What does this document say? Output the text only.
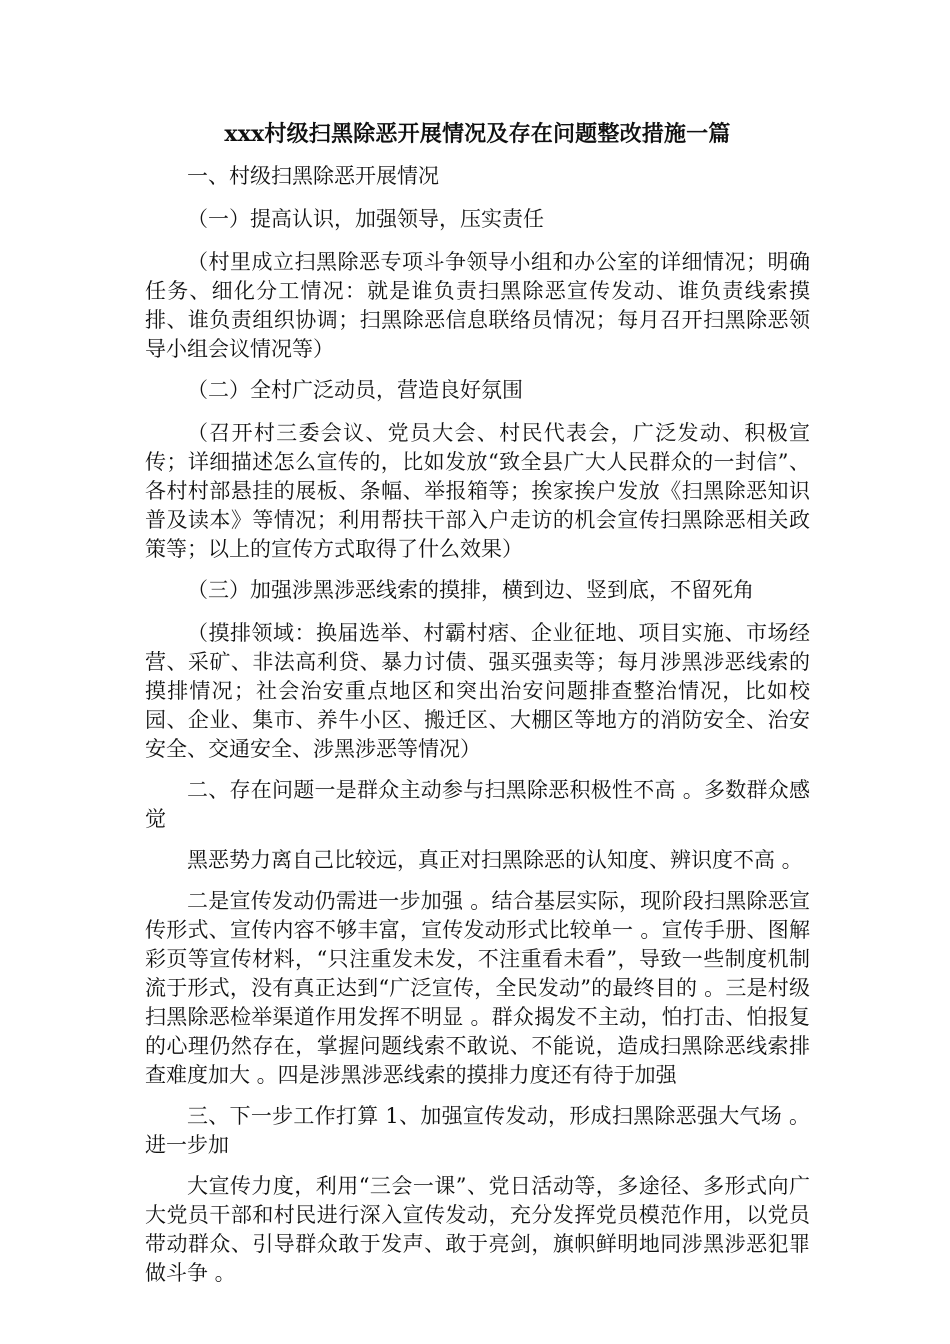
xxx村级扫黑除恶开展情况及存在问题整改措施一篇
一、村级扫黑除恶开展情况
（一）提高认识，加强领导，压实责任
（村里成立扫黑除恶专项斗争领导小组和办公室的详细情况；明确任务、细化分工情况：就是谁负责扫黑除恶宣传发动、谁负责线索摸排、谁负责组织协调；扫黑除恶信息联络员情况；每月召开扫黑除恶领导小组会议情况等）
（二）全村广泛动员，营造良好氛围
（召开村三委会议、党员大会、村民代表会，广泛发动、积极宣传；详细描述怎么宣传的，比如发放“致全县广大人民群众的一封信”、各村村部悬挂的展板、条幅、举报箱等；挨家挨户发放《扫黑除恶知识普及读本》等情况；利用帮扶干部入户走访的机会宣传扫黑除恶相关政策等；以上的宣传方式取得了什么效果）
（三）加强涉黑涉恶线索的摸排，横到边、竖到底，不留死角
（摸排领域：换届选举、村霸村痞、企业征地、项目实施、市场经营、采矿、非法高利贷、暴力讨债、强买强卖等；每月涉黑涉恶线索的摸排情况；社会治安重点地区和突出治安问题排查整治情况，比如校园、企业、集市、养牛小区、搬迁区、大棚区等地方的消防安全、治安安全、交通安全、涉黑涉恶等情况）
二、存在问题一是群众主动参与扫黑除恶积极性不高 。多数群众感觉
黑恶势力离自己比较远，真正对扫黑除恶的认知度、辨识度不高 。
二是宣传发动仍需进一步加强 。结合基层实际，现阶段扫黑除恶宣传形式、宣传内容不够丰富，宣传发动形式比较单一 。宣传手册、图解彩页等宣传材料，“只注重发未发，不注重看未看”，导致一些制度机制流于形式，没有真正达到“广泛宣传，全民发动”的最终目的 。三是村级扫黑除恶检举渠道作用发挥不明显 。群众揭发不主动，怕打击、怕报复的心理仍然存在，掌握问题线索不敢说、不能说，造成扫黑除恶线索排查难度加大 。四是涉黑涉恶线索的摸排力度还有待于加强
三、下一步工作打算 1、加强宣传发动，形成扫黑除恶强大气场 。进一步加
大宣传力度，利用“三会一课”、党日活动等，多途径、多形式向广大党员干部和村民进行深入宣传发动，充分发挥党员模范作用，以党员带动群众、引导群众敢于发声、敢于亮剑，旗帜鲜明地同涉黑涉恶犯罪做斗争 。
